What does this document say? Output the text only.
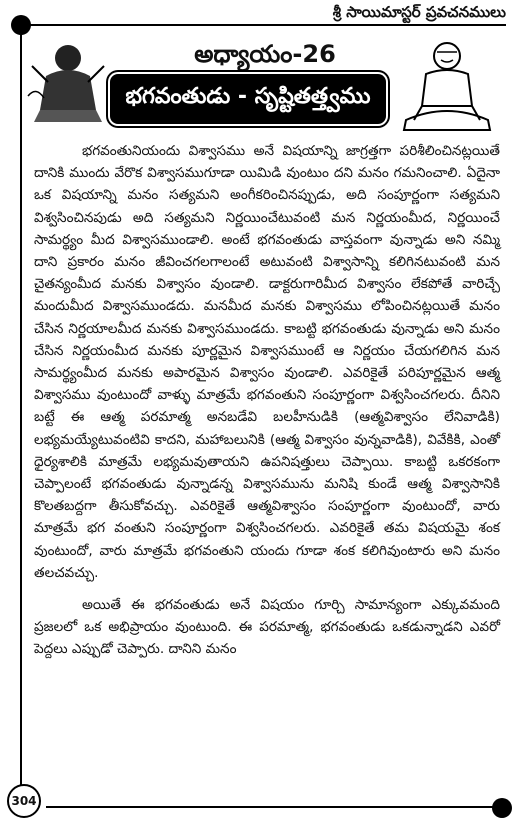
శ్రీ సాయిమాస్టర్ ప్రవచనములు
అధ్యాయం-26
భగవంతుడు - సృష్టితత్త్వము

భగవంతునియందు విశ్వాసము అనే విషయాన్ని జాగ్రత్తగా పరిశీలించినట్లయితే దానికి ముందు వేరొక విశ్వాసముగూడా యిమిడి వుంటుం దని మనం గమనించాలి. ఏదైనా ఒక విషయాన్ని మనం సత్యమని అంగీకరించినప్పుడు, అది సంపూర్ణంగా సత్యమని విశ్వసించినపుడు అది సత్యమని నిర్ణయించేటువంటి మన నిర్ణయంమీద, నిర్ణయించే సామర్థ్యం మీద విశ్వాసముండాలి. అంటే భగవంతుడు వాస్తవంగా వున్నాడు అని నమ్మి దాని ప్రకారం మనం జీవించగలగాలంటే అటువంటి విశ్వాసాన్ని కలిగినటువంటి మన చైతన్యంమీద మనకు విశ్వాసం వుండాలి. డాక్టరుగారిమీద విశ్వాసం లేకపోతే వారిచ్చే మందుమీద విశ్వాసముండదు. మనమీద మనకు విశ్వాసము లోపించినట్లయితే మనం చేసిన నిర్ణయాలమీద మనకు విశ్వాసముండదు. కాబట్టి భగవంతుడు వున్నాడు అని మనం చేసిన నిర్ణయంమీద మనకు పూర్ణమైన విశ్వాసముంటే ఆ నిర్ణయం చేయగలిగిన మన సామర్థ్యంమీద మనకు అపారమైన విశ్వాసం వుండాలి. ఎవరికైతే పరిపూర్ణమైన ఆత్మ విశ్వాసము వుంటుందో వాళ్ళు మాత్రమే భగవంతుని సంపూర్ణంగా విశ్వసించగలరు. దీనిని బట్టే ఈ ఆత్మ పరమాత్మ అనబడేవి బలహీనుడికి (ఆత్మవిశ్వాసం లేనివాడికి) లభ్యమయ్యేటువంటివి కాదని, మహాబలునికి (ఆత్మ విశ్వాసం వున్నవాడికి), వివేకికి, ఎంతో ధైర్యశాలికి మాత్రమే లభ్యమవుతాయని ఉపనిషత్తులు చెప్పాయి. కాబట్టి ఒకరకంగా చెప్పాలంటే భగవంతుడు వున్నాడన్న విశ్వాసమును మనిషి కుండే ఆత్మ విశ్వాసానికి కొలతబద్దగా తీసుకోవచ్చు. ఎవరికైతే ఆత్మవిశ్వాసం సంపూర్ణంగా వుంటుందో, వారు మాత్రమే భగ వంతుని సంపూర్ణంగా విశ్వసించగలరు. ఎవరికైతే తమ విషయమై శంక వుంటుందో, వారు మాత్రమే భగవంతుని యందు గూడా శంక కలిగివుంటారు అని మనం తలచవచ్చు.

అయితే ఈ భగవంతుడు అనే విషయం గూర్చి సామాన్యంగా ఎక్కువమంది ప్రజలలో ఒక అభిప్రాయం వుంటుంది. ఈ పరమాత్మ, భగవంతుడు ఒకడున్నాడని ఎవరో పెద్దలు ఎప్పుడో చెప్పారు. దానిని మనం

304
